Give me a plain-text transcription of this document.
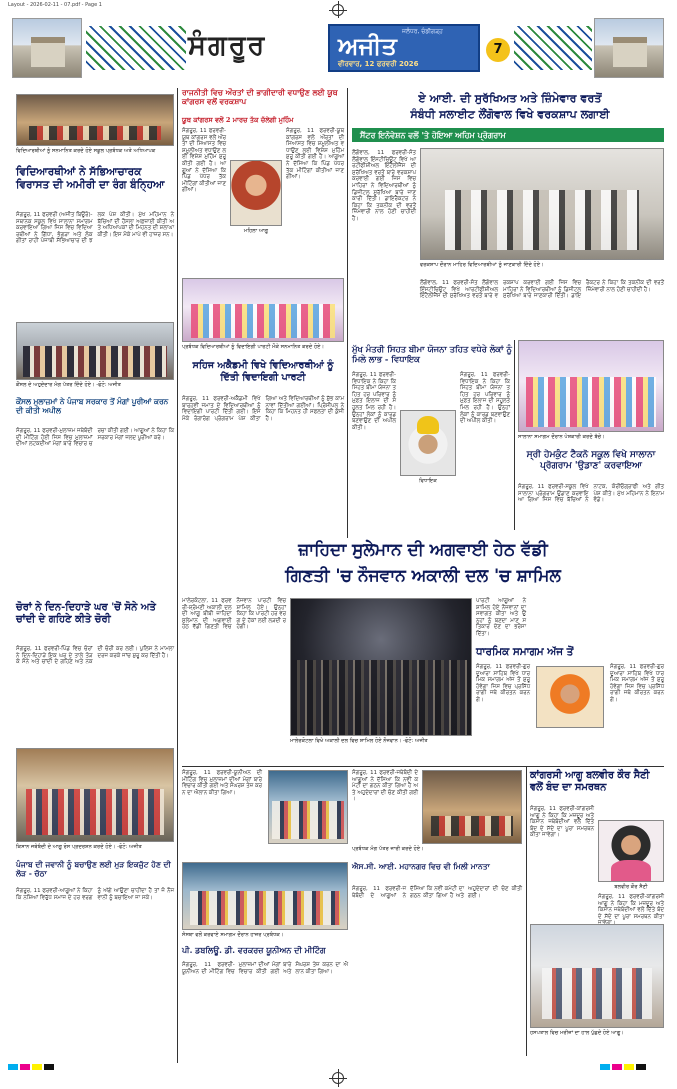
Layout - 2026-02-11 - 07.pdf - Page 1
ਸੰਗਰੂਰ	ਅਜੀਤ ਜਲੰਧਰ, ਚੰਡੀਗੜ੍ਹ
ਵੀਰਵਾਰ, 12 ਫਰਵਰੀ 2026
7
ਵਿਦਿਆਰਥੀਆਂ ਨੂੰ ਸਨਮਾਨਿਤ ਕਰਦੇ ਹੋਏ ਸਕੂਲ ਪ੍ਰਬੰਧਕ ਅਤੇ ਅਧਿਆਪਕ
ਵਿਦਿਆਰਥੀਆਂ ਨੇ ਸੱਭਿਆਚਾਰਕ ਵਿਰਾਸਤ ਦੀ ਅਮੀਰੀ ਦਾ ਰੰਗ ਬੰਨ੍ਹਿਆ
ਸੰਗਰੂਰ, 11 ਫਰਵਰੀ (ਅਜੀਤ ਬਿਊਰੋ)-ਸਥਾਨਕ ਸਕੂਲ ਵਿਖੇ ਸਾਲਾਨਾ ਸਮਾਗਮ ਕਰਵਾਇਆ ਗਿਆ ਜਿਸ ਵਿਚ ਵਿਦਿਆਰਥੀਆਂ ਨੇ ਗਿੱਧਾ, ਭੰਗੜਾ ਅਤੇ ਲੋਕ ਗੀਤਾਂ ਰਾਹੀਂ ਪੰਜਾਬੀ ਸੱਭਿਆਚਾਰ ਦੀ ਝਲਕ ਪੇਸ਼ ਕੀਤੀ। ਮੁੱਖ ਮਹਿਮਾਨ ਨੇ ਬੱਚਿਆਂ ਦੀ ਹੌਸਲਾ ਅਫ਼ਜ਼ਾਈ ਕੀਤੀ ਅਤੇ ਅਧਿਆਪਕਾਂ ਦੀ ਮਿਹਨਤ ਦੀ ਸ਼ਲਾਘਾ ਕੀਤੀ। ਇਸ ਮੌਕੇ ਮਾਪੇ ਵੀ ਹਾਜ਼ਰ ਸਨ।
ਕੌਂਸਲ ਦੇ ਅਹੁਦੇਦਾਰ ਮੰਗ ਪੱਤਰ ਦਿੰਦੇ ਹੋਏ। -ਫੋਟੋ: ਅਜੀਤ
ਕੌਂਸਲ ਮੁਲਾਜ਼ਮਾਂ ਨੇ ਪੰਜਾਬ ਸਰਕਾਰ ਤੋਂ ਮੰਗਾਂ ਪੂਰੀਆਂ ਕਰਨ ਦੀ ਕੀਤੀ ਅਪੀਲ
ਸੰਗਰੂਰ, 11 ਫਰਵਰੀ-ਮੁਲਾਜ਼ਮ ਜਥੇਬੰਦੀ ਦੀ ਮੀਟਿੰਗ ਹੋਈ ਜਿਸ ਵਿਚ ਮੁਲਾਜ਼ਮਾਂ ਦੀਆਂ ਲਟਕਦੀਆਂ ਮੰਗਾਂ ਬਾਰੇ ਵਿਚਾਰ ਚਰਚਾ ਕੀਤੀ ਗਈ। ਆਗੂਆਂ ਨੇ ਕਿਹਾ ਕਿ ਸਰਕਾਰ ਮੰਗਾਂ ਜਲਦ ਪੂਰੀਆਂ ਕਰੇ।
ਚੋਰਾਂ ਨੇ ਦਿਨ-ਦਿਹਾੜੇ ਘਰ 'ਚੋਂ ਸੋਨੇ ਅਤੇ ਚਾਂਦੀ ਦੇ ਗਹਿਣੇ ਕੀਤੇ ਚੋਰੀ
ਸੰਗਰੂਰ, 11 ਫਰਵਰੀ-ਪਿੰਡ ਵਿਚ ਚੋਰਾਂ ਨੇ ਦਿਨ-ਦਿਹਾੜੇ ਇਕ ਘਰ ਦੇ ਤਾਲੇ ਤੋੜ ਕੇ ਸੋਨੇ ਅਤੇ ਚਾਂਦੀ ਦੇ ਗਹਿਣੇ ਅਤੇ ਨਕਦੀ ਚੋਰੀ ਕਰ ਲਈ। ਪੁਲਿਸ ਨੇ ਮਾਮਲਾ ਦਰਜ ਕਰਕੇ ਜਾਂਚ ਸ਼ੁਰੂ ਕਰ ਦਿੱਤੀ ਹੈ।
ਕਿਸਾਨ ਜਥੇਬੰਦੀ ਦੇ ਆਗੂ ਰੋਸ ਪ੍ਰਦਰਸ਼ਨ ਕਰਦੇ ਹੋਏ। -ਫੋਟੋ: ਅਜੀਤ
ਪੰਜਾਬ ਦੀ ਜਵਾਨੀ ਨੂੰ ਬਚਾਉਣ ਲਈ ਮੁੜ ਇਕਜੁੱਟ ਹੋਣ ਦੀ ਲੋੜ - ਚੱਠਾ
ਸੰਗਰੂਰ, 11 ਫਰਵਰੀ-ਆਗੂਆਂ ਨੇ ਕਿਹਾ ਕਿ ਨਸ਼ਿਆਂ ਵਿਰੁੱਧ ਸਮਾਜ ਦੇ ਹਰ ਵਰਗ ਨੂੰ ਅੱਗੇ ਆਉਣਾ ਚਾਹੀਦਾ ਹੈ ਤਾਂ ਜੋ ਨੌਜਵਾਨੀ ਨੂੰ ਬਚਾਇਆ ਜਾ ਸਕੇ।
ਰਾਜਨੀਤੀ ਵਿਚ ਔਰਤਾਂ ਦੀ ਭਾਗੀਦਾਰੀ ਵਧਾਉਣ ਲਈ ਯੂਥ ਕਾਂਗਰਸ ਵਲੋਂ ਵਰਕਸ਼ਾਪ
ਯੂਥ ਕਾਂਗਰਸ ਵਲੋਂ 2 ਮਾਰਚ ਤੱਕ ਚੱਲੇਗੀ ਮੁਹਿੰਮ
ਸੰਗਰੂਰ, 11 ਫਰਵਰੀ-ਯੂਥ ਕਾਂਗਰਸ ਵਲੋਂ ਔਰਤਾਂ ਦੀ ਸਿਆਸਤ ਵਿਚ ਸ਼ਮੂਲੀਅਤ ਵਧਾਉਣ ਲਈ ਵਿਸ਼ੇਸ਼ ਮੁਹਿੰਮ ਸ਼ੁਰੂ ਕੀਤੀ ਗਈ ਹੈ। ਆਗੂਆਂ ਨੇ ਦੱਸਿਆ ਕਿ ਪਿੰਡ ਪੱਧਰ ਤੱਕ ਮੀਟਿੰਗਾਂ ਕੀਤੀਆਂ ਜਾਣਗੀਆਂ।
ਮਹਿਲਾ ਆਗੂ
ਸੰਗਰੂਰ, 11 ਫਰਵਰੀ-ਯੂਥ ਕਾਂਗਰਸ ਵਲੋਂ ਔਰਤਾਂ ਦੀ ਸਿਆਸਤ ਵਿਚ ਸ਼ਮੂਲੀਅਤ ਵਧਾਉਣ ਲਈ ਵਿਸ਼ੇਸ਼ ਮੁਹਿੰਮ ਸ਼ੁਰੂ ਕੀਤੀ ਗਈ ਹੈ। ਆਗੂਆਂ ਨੇ ਦੱਸਿਆ ਕਿ ਪਿੰਡ ਪੱਧਰ ਤੱਕ ਮੀਟਿੰਗਾਂ ਕੀਤੀਆਂ ਜਾਣਗੀਆਂ।
ਪ੍ਰਬੰਧਕ ਵਿਦਿਆਰਥੀਆਂ ਨੂੰ ਵਿਦਾਇਗੀ ਪਾਰਟੀ ਮੌਕੇ ਸਨਮਾਨਿਤ ਕਰਦੇ ਹੋਏ।
ਸਹਿਜ ਅਕੈਡਮੀ ਵਿਖੇ ਵਿਦਿਆਰਥੀਆਂ ਨੂੰ ਦਿੱਤੀ ਵਿਦਾਇਗੀ ਪਾਰਟੀ
ਸੰਗਰੂਰ, 11 ਫਰਵਰੀ-ਅਕੈਡਮੀ ਵਿਖੇ ਬਾਰ੍ਹਵੀਂ ਜਮਾਤ ਦੇ ਵਿਦਿਆਰਥੀਆਂ ਨੂੰ ਵਿਦਾਇਗੀ ਪਾਰਟੀ ਦਿੱਤੀ ਗਈ। ਇਸ ਮੌਕੇ ਰੰਗਾਰੰਗ ਪ੍ਰੋਗਰਾਮ ਪੇਸ਼ ਕੀਤਾ ਗਿਆ ਅਤੇ ਵਿਦਿਆਰਥੀਆਂ ਨੂੰ ਸ਼ੁੱਭ ਕਾਮਨਾਵਾਂ ਦਿੱਤੀਆਂ ਗਈਆਂ। ਪ੍ਰਿੰਸੀਪਲ ਨੇ ਕਿਹਾ ਕਿ ਮਿਹਨਤ ਹੀ ਸਫਲਤਾ ਦੀ ਕੁੰਜੀ ਹੈ।
ਲੌਂਗੋਵਾਲ, 11 ਫਰਵਰੀ-ਸੰਤ ਲੌਂਗੋਵਾਲ ਇੰਸਟੀਚਿਊਟ ਵਿਖੇ ਆਰਟੀਫੀਸ਼ੀਅਲ ਇੰਟੈਲੀਜੈਂਸ ਦੀ ਸੁਰੱਖਿਅਤ ਵਰਤੋਂ ਬਾਰੇ ਵਰਕਸ਼ਾਪ ਕਰਵਾਈ ਗਈ ਜਿਸ ਵਿਚ ਮਾਹਿਰਾਂ ਨੇ ਵਿਦਿਆਰਥੀਆਂ ਨੂੰ ਡਿਜੀਟਲ ਸੁਰੱਖਿਆ ਬਾਰੇ ਜਾਣਕਾਰੀ ਦਿੱਤੀ। ਡਾਇਰੈਕਟਰ ਨੇ ਕਿਹਾ ਕਿ ਤਕਨੀਕ ਦੀ ਵਰਤੋਂ ਜ਼ਿੰਮੇਵਾਰੀ ਨਾਲ ਹੋਣੀ ਚਾਹੀਦੀ ਹੈ।
ਮੁੱਖ ਮੰਤਰੀ ਸਿਹਤ ਬੀਮਾ ਯੋਜਨਾ ਤਹਿਤ ਵਧੇਰੇ ਲੋਕਾਂ ਨੂੰ ਮਿਲੇ ਲਾਭ - ਵਿਧਾਇਕ
ਸੰਗਰੂਰ, 11 ਫਰਵਰੀ-ਵਿਧਾਇਕ ਨੇ ਕਿਹਾ ਕਿ ਸਿਹਤ ਬੀਮਾ ਯੋਜਨਾ ਤਹਿਤ ਹਰ ਪਰਿਵਾਰ ਨੂੰ ਮੁਫ਼ਤ ਇਲਾਜ ਦੀ ਸਹੂਲਤ ਮਿਲ ਰਹੀ ਹੈ। ਉਨ੍ਹਾਂ ਲੋਕਾਂ ਨੂੰ ਕਾਰਡ ਬਣਵਾਉਣ ਦੀ ਅਪੀਲ ਕੀਤੀ।
ਵਿਧਾਇਕ
ਸੰਗਰੂਰ, 11 ਫਰਵਰੀ-ਵਿਧਾਇਕ ਨੇ ਕਿਹਾ ਕਿ ਸਿਹਤ ਬੀਮਾ ਯੋਜਨਾ ਤਹਿਤ ਹਰ ਪਰਿਵਾਰ ਨੂੰ ਮੁਫ਼ਤ ਇਲਾਜ ਦੀ ਸਹੂਲਤ ਮਿਲ ਰਹੀ ਹੈ। ਉਨ੍ਹਾਂ ਲੋਕਾਂ ਨੂੰ ਕਾਰਡ ਬਣਵਾਉਣ ਦੀ ਅਪੀਲ ਕੀਤੀ।
ਏ ਆਈ. ਦੀ ਸੁਰੱਖਿਅਤ ਅਤੇ ਜ਼ਿੰਮੇਵਾਰ ਵਰਤੋਂ
ਸੰਬੰਧੀ ਸਲਾਈਟ ਲੌਂਗੋਵਾਲ ਵਿਖੇ ਵਰਕਸ਼ਾਪ ਲਗਾਈ
ਸੈਂਟਰ ਇਨੋਵੇਸ਼ਨ ਵਲੋਂ 'ਤੇ ਹੋਇਆ ਅਹਿਮ ਪ੍ਰੋਗਰਾਮ
ਵਰਕਸ਼ਾਪ ਦੌਰਾਨ ਮਾਹਿਰ ਵਿਦਿਆਰਥੀਆਂ ਨੂੰ ਜਾਣਕਾਰੀ ਦਿੰਦੇ ਹੋਏ।
ਲੌਂਗੋਵਾਲ, 11 ਫਰਵਰੀ-ਸੰਤ ਲੌਂਗੋਵਾਲ ਇੰਸਟੀਚਿਊਟ ਵਿਖੇ ਆਰਟੀਫੀਸ਼ੀਅਲ ਇੰਟੈਲੀਜੈਂਸ ਦੀ ਸੁਰੱਖਿਅਤ ਵਰਤੋਂ ਬਾਰੇ ਵਰਕਸ਼ਾਪ ਕਰਵਾਈ ਗਈ ਜਿਸ ਵਿਚ ਮਾਹਿਰਾਂ ਨੇ ਵਿਦਿਆਰਥੀਆਂ ਨੂੰ ਡਿਜੀਟਲ ਸੁਰੱਖਿਆ ਬਾਰੇ ਜਾਣਕਾਰੀ ਦਿੱਤੀ। ਡਾਇਰੈਕਟਰ ਨੇ ਕਿਹਾ ਕਿ ਤਕਨੀਕ ਦੀ ਵਰਤੋਂ ਜ਼ਿੰਮੇਵਾਰੀ ਨਾਲ ਹੋਣੀ ਚਾਹੀਦੀ ਹੈ।
ਸਾਲਾਨਾ ਸਮਾਗਮ ਦੌਰਾਨ ਪੇਸ਼ਕਾਰੀ ਕਰਦੇ ਬੱਚੇ।
ਸ੍ਰੀ ਹੇਮਕੁੰਟ ਟੈਕਨੋ ਸਕੂਲ ਵਿਖੇ ਸਾਲਾਨਾ ਪ੍ਰੋਗਰਾਮ 'ਉਡਾਣ' ਕਰਵਾਇਆ
ਸੰਗਰੂਰ, 11 ਫਰਵਰੀ-ਸਕੂਲ ਵਿਖੇ ਸਾਲਾਨਾ ਪ੍ਰੋਗਰਾਮ ਉਡਾਣ ਕਰਵਾਇਆ ਗਿਆ ਜਿਸ ਵਿਚ ਬੱਚਿਆਂ ਨੇ ਨਾਟਕ, ਕੋਰੀਓਗ੍ਰਾਫੀ ਅਤੇ ਗੀਤ ਪੇਸ਼ ਕੀਤੇ। ਮੁੱਖ ਮਹਿਮਾਨ ਨੇ ਇਨਾਮ ਵੰਡੇ।
ਜ਼ਾਹਿਦਾ ਸੁਲੇਮਾਨ ਦੀ ਅਗਵਾਈ ਹੇਠ ਵੱਡੀ
ਗਿਣਤੀ 'ਚ ਨੌਜਵਾਨ ਅਕਾਲੀ ਦਲ 'ਚ ਸ਼ਾਮਿਲ
ਮਾਲੇਰਕੋਟਲਾ, 11 ਫਰਵਰੀ-ਸ਼੍ਰੋਮਣੀ ਅਕਾਲੀ ਦਲ ਦੀ ਆਗੂ ਬੀਬੀ ਜ਼ਾਹਿਦਾ ਸੁਲੇਮਾਨ ਦੀ ਅਗਵਾਈ ਹੇਠ ਵੱਡੀ ਗਿਣਤੀ ਵਿਚ ਨੌਜਵਾਨ ਪਾਰਟੀ ਵਿਚ ਸ਼ਾਮਿਲ ਹੋਏ। ਉਨ੍ਹਾਂ ਕਿਹਾ ਕਿ ਪਾਰਟੀ ਹਰ ਵਰਗ ਦੇ ਹੱਕਾਂ ਲਈ ਲੜਦੀ ਰਹੇਗੀ।
ਮਾਲੇਰਕੋਟਲਾ ਵਿਖੇ ਅਕਾਲੀ ਦਲ ਵਿਚ ਸ਼ਾਮਿਲ ਹੋਏ ਨੌਜਵਾਨ। -ਫੋਟੋ: ਅਜੀਤ
ਪਾਰਟੀ ਆਗੂਆਂ ਨੇ ਸ਼ਾਮਿਲ ਹੋਏ ਨੌਜਵਾਨਾਂ ਦਾ ਸਵਾਗਤ ਕੀਤਾ ਅਤੇ ਉਨ੍ਹਾਂ ਨੂੰ ਬਣਦਾ ਮਾਣ ਸਤਿਕਾਰ ਦੇਣ ਦਾ ਭਰੋਸਾ ਦਿੱਤਾ।
ਧਾਰਮਿਕ ਸਮਾਗਮ ਅੱਜ ਤੋਂ
ਸੰਗਰੂਰ, 11 ਫਰਵਰੀ-ਗੁਰਦੁਆਰਾ ਸਾਹਿਬ ਵਿਖੇ ਧਾਰਮਿਕ ਸਮਾਗਮ ਅੱਜ ਤੋਂ ਸ਼ੁਰੂ ਹੋਵੇਗਾ ਜਿਸ ਵਿਚ ਪ੍ਰਸਿੱਧ ਰਾਗੀ ਜਥੇ ਕੀਰਤਨ ਕਰਨਗੇ।
ਸੰਗਰੂਰ, 11 ਫਰਵਰੀ-ਗੁਰਦੁਆਰਾ ਸਾਹਿਬ ਵਿਖੇ ਧਾਰਮਿਕ ਸਮਾਗਮ ਅੱਜ ਤੋਂ ਸ਼ੁਰੂ ਹੋਵੇਗਾ ਜਿਸ ਵਿਚ ਪ੍ਰਸਿੱਧ ਰਾਗੀ ਜਥੇ ਕੀਰਤਨ ਕਰਨਗੇ।
ਸੰਗਰੂਰ, 11 ਫਰਵਰੀ-ਯੂਨੀਅਨ ਦੀ ਮੀਟਿੰਗ ਵਿਚ ਮੁਲਾਜ਼ਮਾਂ ਦੀਆਂ ਮੰਗਾਂ ਬਾਰੇ ਵਿਚਾਰ ਕੀਤੀ ਗਈ ਅਤੇ ਸੰਘਰਸ਼ ਤੇਜ਼ ਕਰਨ ਦਾ ਐਲਾਨ ਕੀਤਾ ਗਿਆ।
ਸੰਗਰੂਰ, 11 ਫਰਵਰੀ-ਜਥੇਬੰਦੀ ਦੇ ਆਗੂਆਂ ਨੇ ਦੱਸਿਆ ਕਿ ਨਵੀਂ ਕਮੇਟੀ ਦਾ ਗਠਨ ਕੀਤਾ ਗਿਆ ਹੈ ਅਤੇ ਅਹੁਦੇਦਾਰਾਂ ਦੀ ਚੋਣ ਕੀਤੀ ਗਈ।
ਪ੍ਰਬੰਧਕ ਮੰਗ ਪੱਤਰ ਜਾਰੀ ਕਰਦੇ ਹੋਏ।
ਕਾਂਗਰਸੀ ਆਗੂ ਬਲਵੀਰ ਕੌਰ ਸੈਣੀ ਵਲੋਂ ਬੰਦ ਦਾ ਸਮਰਥਨ
ਸੰਗਰੂਰ, 11 ਫਰਵਰੀ-ਕਾਂਗਰਸੀ ਆਗੂ ਨੇ ਕਿਹਾ ਕਿ ਮਜ਼ਦੂਰ ਅਤੇ ਕਿਸਾਨ ਜਥੇਬੰਦੀਆਂ ਵਲੋਂ ਦਿੱਤੇ ਬੰਦ ਦੇ ਸੱਦੇ ਦਾ ਪੂਰਾ ਸਮਰਥਨ ਕੀਤਾ ਜਾਵੇਗਾ।
ਬਲਵੀਰ ਕੌਰ ਸੈਣੀ
ਸੰਗਰੂਰ, 11 ਫਰਵਰੀ-ਕਾਂਗਰਸੀ ਆਗੂ ਨੇ ਕਿਹਾ ਕਿ ਮਜ਼ਦੂਰ ਅਤੇ ਕਿਸਾਨ ਜਥੇਬੰਦੀਆਂ ਵਲੋਂ ਦਿੱਤੇ ਬੰਦ ਦੇ ਸੱਦੇ ਦਾ ਪੂਰਾ ਸਮਰਥਨ ਕੀਤਾ
ਸੰਸਥਾ ਵਲੋਂ ਕਰਵਾਏ ਸਮਾਗਮ ਦੌਰਾਨ ਹਾਜ਼ਰ ਪ੍ਰਬੰਧਕ।
ਪੀ. ਡਬਲਿਊ. ਡੀ. ਵਰਕਰਜ਼ ਯੂਨੀਅਨ ਦੀ ਮੀਟਿੰਗ
ਸੰਗਰੂਰ, 11 ਫਰਵਰੀ-ਯੂਨੀਅਨ ਦੀ ਮੀਟਿੰਗ ਵਿਚ ਮੁਲਾਜ਼ਮਾਂ ਦੀਆਂ ਮੰਗਾਂ ਬਾਰੇ ਵਿਚਾਰ ਕੀਤੀ ਗਈ ਅਤੇ ਸੰਘਰਸ਼ ਤੇਜ਼ ਕਰਨ ਦਾ ਐਲਾਨ ਕੀਤਾ ਗਿਆ।
ਐਸ.ਸੀ. ਆਈ. ਮਹਾਨਗਰ ਵਿਚ ਵੀ ਮਿਲੀ ਮਾਨਤਾ
ਸੰਗਰੂਰ, 11 ਫਰਵਰੀ-ਜਥੇਬੰਦੀ ਦੇ ਆਗੂਆਂ ਨੇ ਦੱਸਿਆ ਕਿ ਨਵੀਂ ਕਮੇਟੀ ਦਾ ਗਠਨ ਕੀਤਾ ਗਿਆ ਹੈ ਅਤੇ ਅਹੁਦੇਦਾਰਾਂ ਦੀ ਚੋਣ ਕੀਤੀ ਗਈ।
ਹਸਪਤਾਲ ਵਿਚ ਮਰੀਜ਼ਾਂ ਦਾ ਹਾਲ ਪੁੱਛਦੇ ਹੋਏ ਆਗੂ।
